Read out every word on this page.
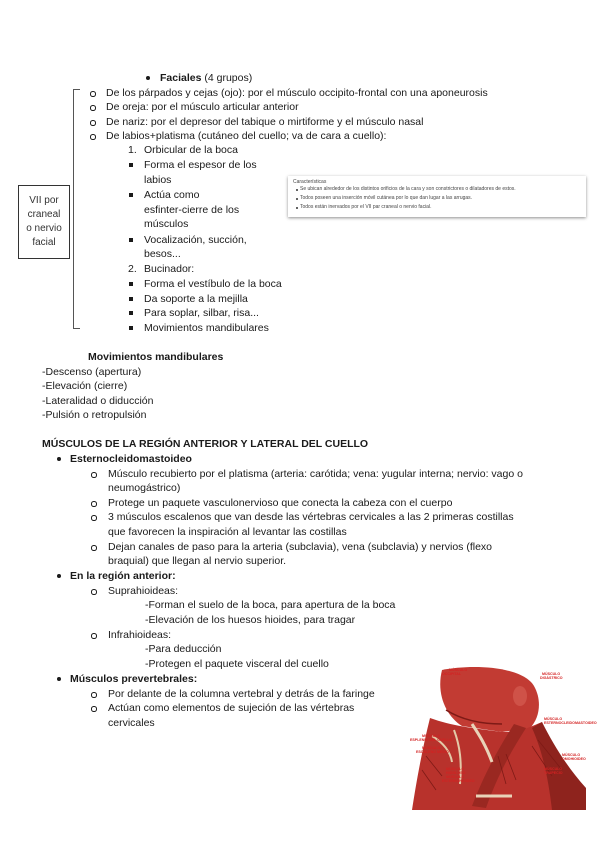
Faciales (4 grupos)
De los párpados y cejas (ojo): por el músculo occipito-frontal con una aponeurosis
De oreja: por el músculo articular anterior
De nariz: por el depresor del tabique o mirtiforme y el músculo nasal
De labios+platisma (cutáneo del cuello; va de cara a cuello):
VII por
craneal
o nervio
facial
1. Orbicular de la boca
Forma el espesor de los
labios
Actúa como
esfinter-cierre de los
músculos
Vocalización, succión,
besos...
2. Bucinador:
Forma el vestíbulo de la boca
Da soporte a la mejilla
Para soplar, silbar, risa...
Movimientos mandibulares
Características
Se ubican alrededor de los distintos orificios de la cara y son constrictores o dilatadores de estos.
Todos poseen una inserción móvil cutánea por lo que dan lugar a las arrugas.
Todos están inervados por el VII par craneal o nervio facial.
Movimientos mandibulares
-Descenso (apertura)
-Elevación (cierre)
-Lateralidad o diducción
-Pulsión o retropulsión
MÚSCULOS DE LA REGIÓN ANTERIOR Y LATERAL DEL CUELLO
Esternocleidomastoideo
Músculo recubierto por el platisma (arteria: carótida; vena: yugular interna; nervio: vago o
neumogástrico)
Protege un paquete vasculonervioso que conecta la cabeza con el cuerpo
3 músculos escalenos que van desde las vértebras cervicales a las 2 primeras costillas
que favorecen la inspiración al levantar las costillas
Dejan canales de paso para la arteria (subclavia), vena (subclavia) y nervios (flexo
braquial) que llegan al nervio superior.
En la región anterior:
Suprahioideas:
-Forman el suelo de la boca, para apertura de la boca
-Elevación de los huesos hioides, para tragar
Infrahioideas:
-Para deducción
-Protegen el paquete visceral del cuello
Músculos prevertebrales:
Por delante de la columna vertebral y detrás de la faringe
Actúan como elementos de sujeción de las vértebras
cervicales
MÚSCULO
OCCIPITAL
MÚSCULO
ESPLENIO DEL CUELLO
MÚSCULO
ESCALENO MEDIO
MÚSCULO
HIOGLOSO
MÚSCULO
ESTERNOHIOIDEO
MÚSCULO
DIGÁSTRICO
MÚSCULO
ESTERNOCLEIDOMASTOIDEO
MÚSCULO
OMOHIOIDEO
MÚSCULO
TRAPECIO
